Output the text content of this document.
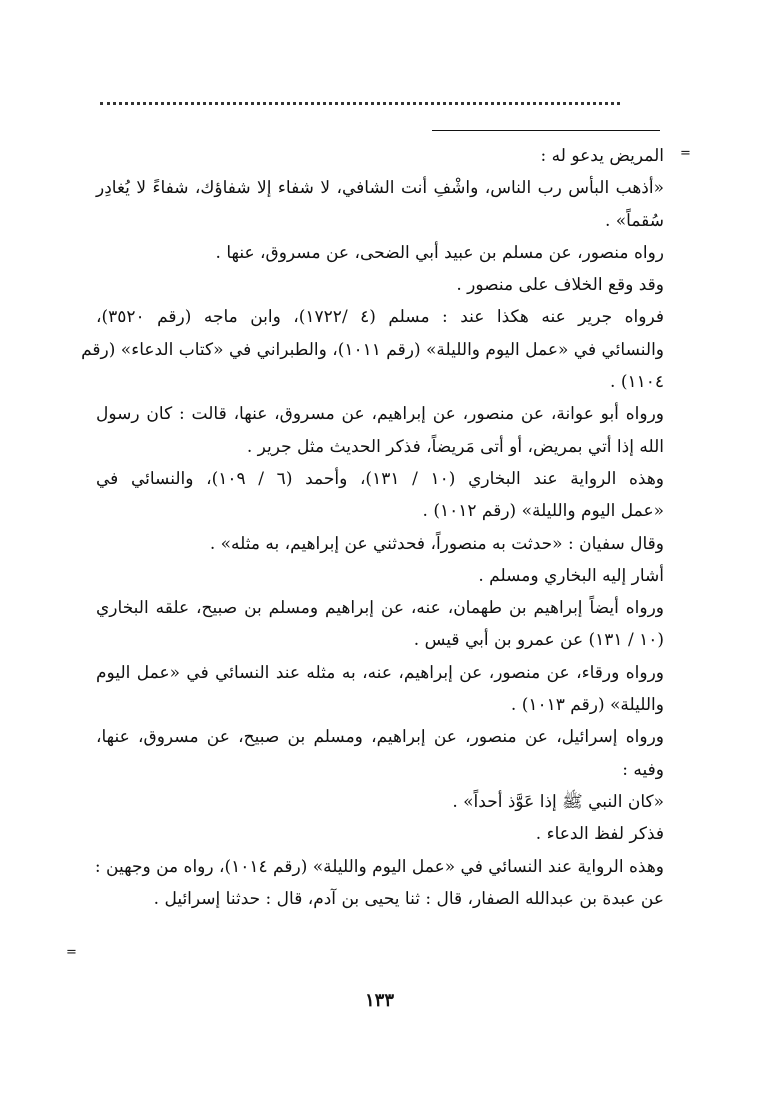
=
=
المريض يدعو له :
«أذهب البأس رب الناس، واشْفِ أنت الشافي، لا شفاء إلا شفاؤك، شفاءً لا يُغادِر
سُقماً» .
رواه منصور، عن مسلم بن عبيد أبي الضحى، عن مسروق، عنها .
وقد وقع الخلاف على منصور .
فرواه جرير عنه هكذا عند : مسلم (٤ /١٧٢٢)، وابن ماجه (رقم ٣٥٢٠)،
والنسائي في «عمل اليوم والليلة» (رقم ١٠١١)، والطبراني في «كتاب الدعاء» (رقم
١١٠٤) .
ورواه أبو عوانة، عن منصور، عن إبراهيم، عن مسروق، عنها، قالت : كان رسول
الله إذا أتي بمريض، أو أتى مَريضاً، فذكر الحديث مثل جرير .
وهذه الرواية عند البخاري (١٠ / ١٣١)، وأحمد (٦ / ١٠٩)، والنسائي في
«عمل اليوم والليلة» (رقم ١٠١٢) .
وقال سفيان : «حدثت به منصوراً، فحدثني عن إبراهيم، به مثله» .
أشار إليه البخاري ومسلم .
ورواه أيضاً إبراهيم بن طهمان، عنه، عن إبراهيم ومسلم بن صبيح، علقه البخاري
(١٠ / ١٣١) عن عمرو بن أبي قيس .
ورواه ورقاء، عن منصور، عن إبراهيم، عنه، به مثله عند النسائي في «عمل اليوم
والليلة» (رقم ١٠١٣) .
ورواه إسرائيل، عن منصور، عن إبراهيم، ومسلم بن صبيح، عن مسروق، عنها،
وفيه :
«كان النبي ﷺ إذا عَوَّذ أحداً» .
فذكر لفظ الدعاء .
وهذه الرواية عند النسائي في «عمل اليوم والليلة» (رقم ١٠١٤)، رواه من وجهين :
عن عبدة بن عبدالله الصفار، قال : ثنا يحيى بن آدم، قال : حدثنا إسرائيل .
١٣٣
